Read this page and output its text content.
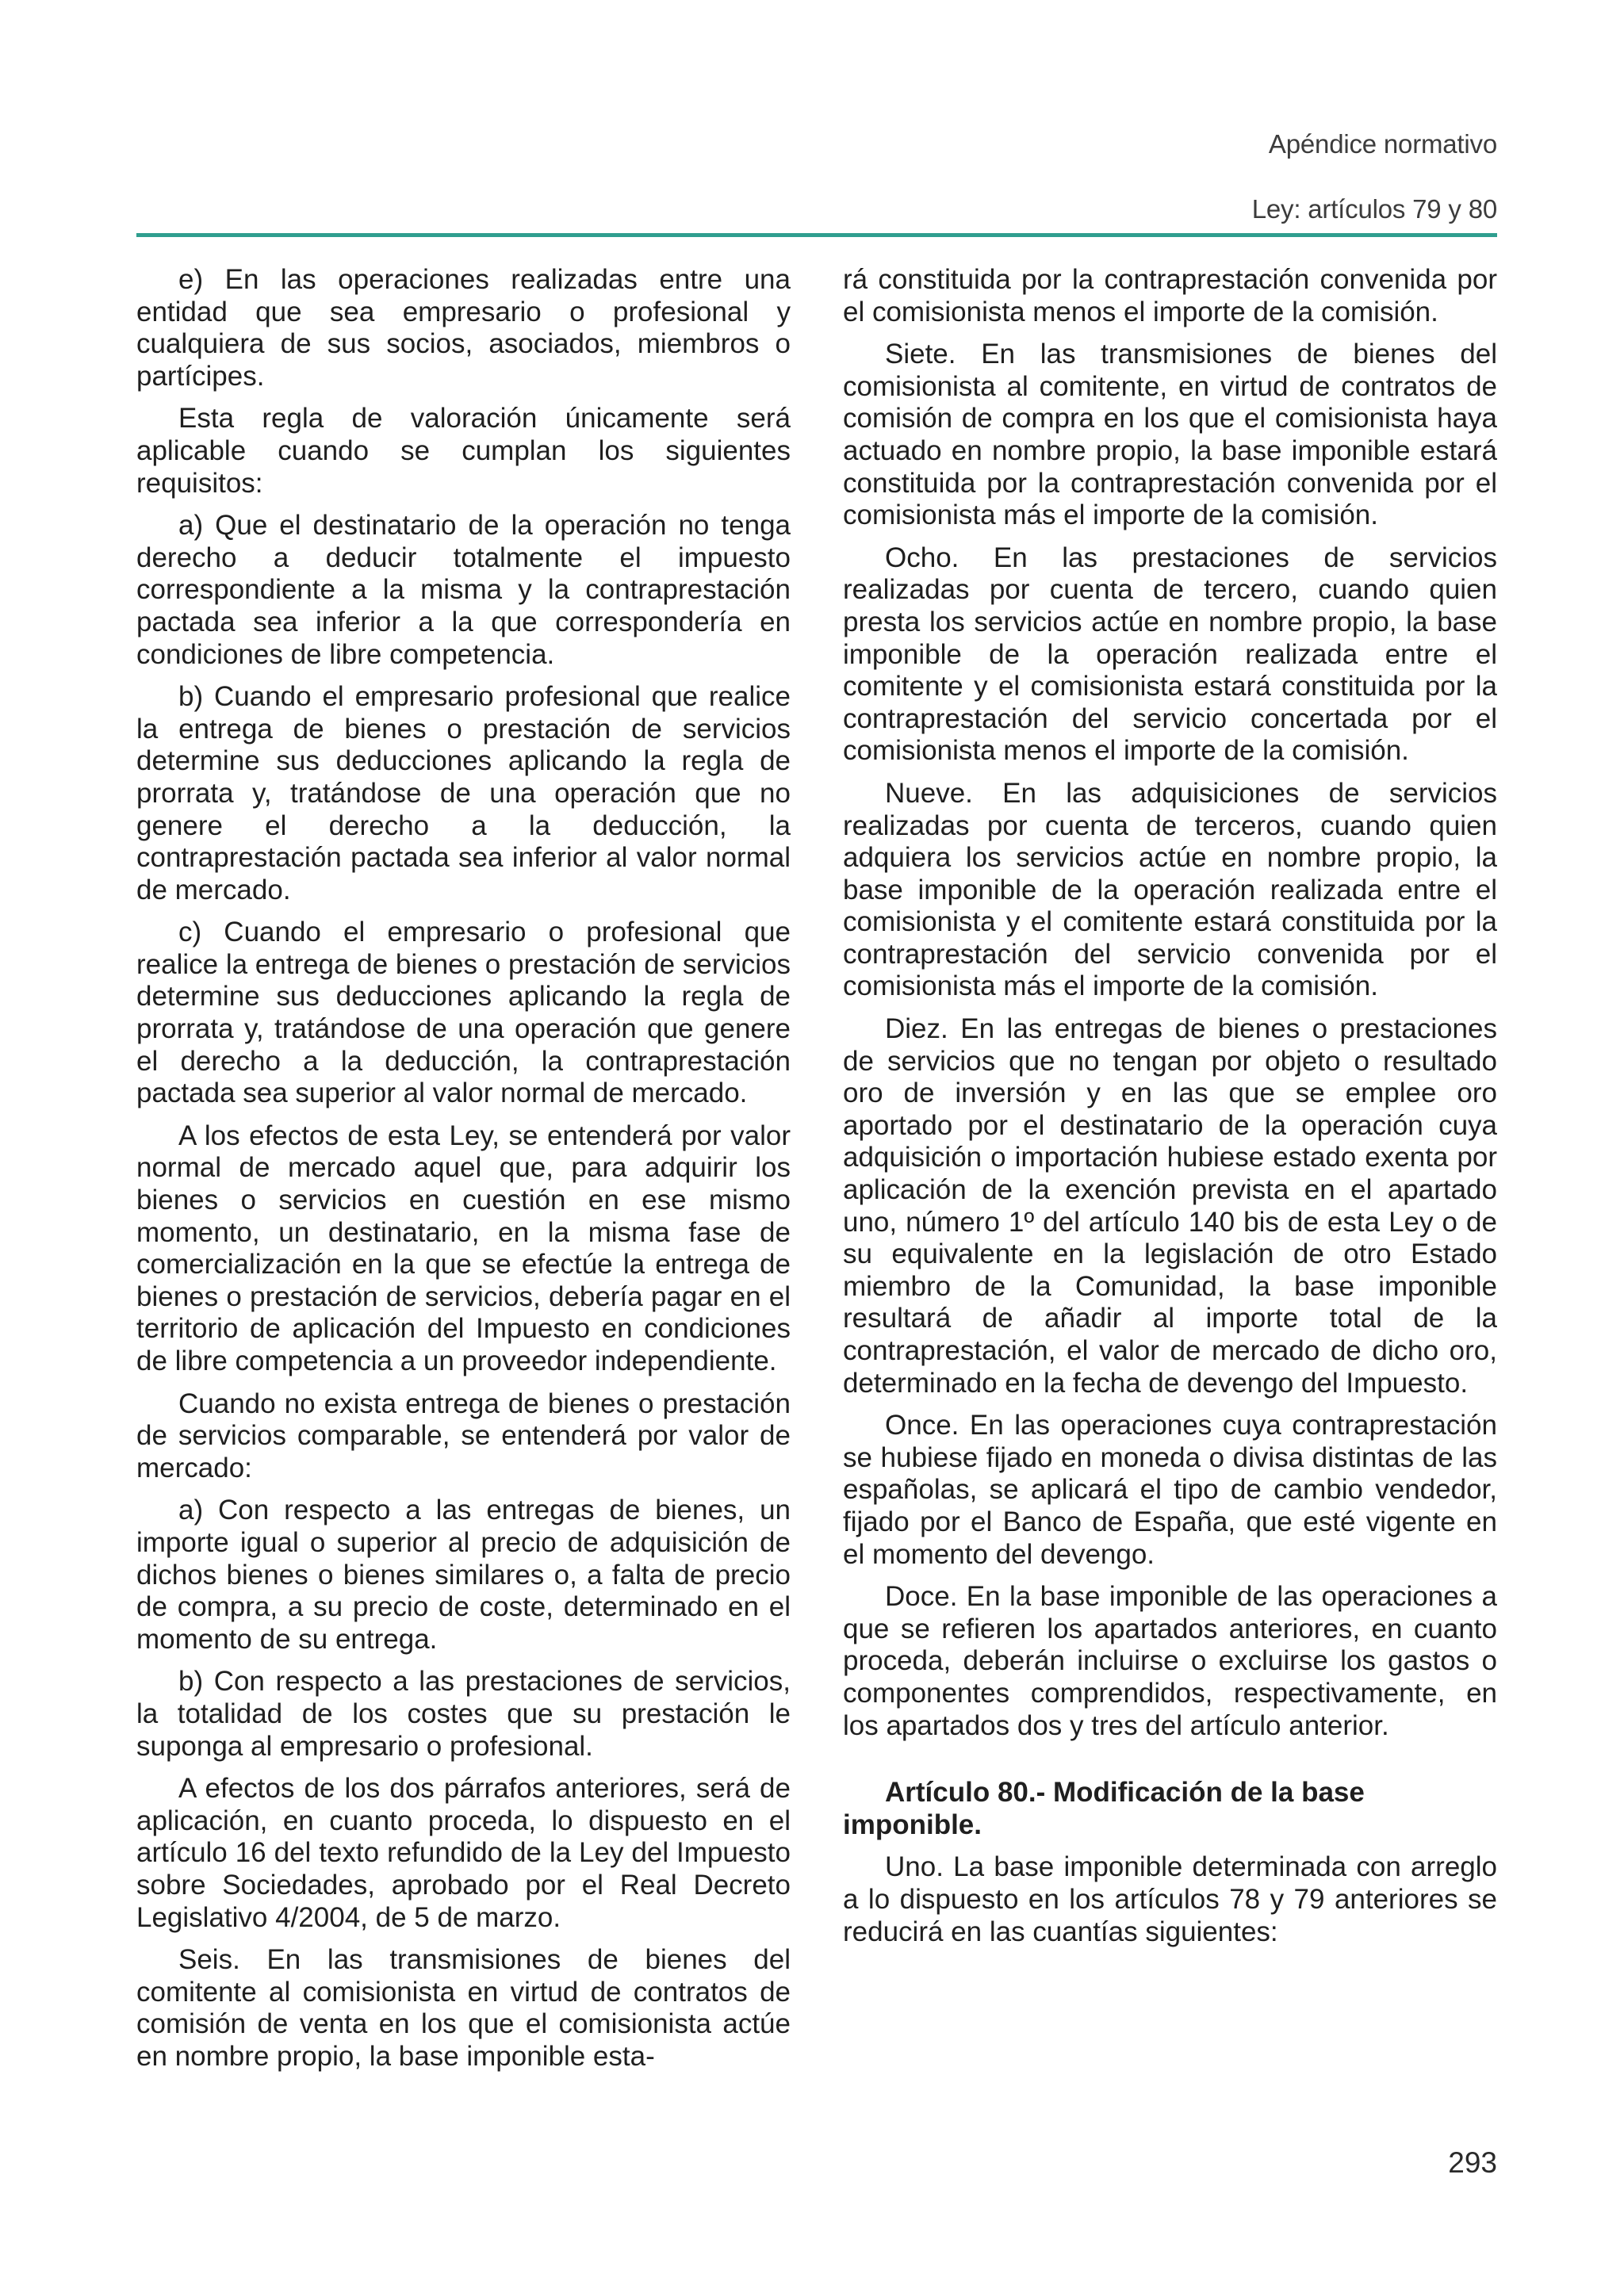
Apéndice normativo
Ley: artículos 79 y 80

e) En las operaciones realizadas entre una entidad que sea empresario o profesional y cualquiera de sus socios, asociados, miembros o partícipes.

Esta regla de valoración únicamente será aplicable cuando se cumplan los siguientes requisitos:

a) Que el destinatario de la operación no tenga derecho a deducir totalmente el impuesto correspondiente a la misma y la contraprestación pactada sea inferior a la que correspondería en condiciones de libre competencia.

b) Cuando el empresario profesional que realice la entrega de bienes o prestación de servicios determine sus deducciones aplicando la regla de prorrata y, tratándose de una operación que no genere el derecho a la deducción, la contraprestación pactada sea inferior al valor normal de mercado.

c) Cuando el empresario o profesional que realice la entrega de bienes o prestación de servicios determine sus deducciones aplicando la regla de prorrata y, tratándose de una operación que genere el derecho a la deducción, la contraprestación pactada sea superior al valor normal de mercado.

A los efectos de esta Ley, se entenderá por valor normal de mercado aquel que, para adquirir los bienes o servicios en cuestión en ese mismo momento, un destinatario, en la misma fase de comercialización en la que se efectúe la entrega de bienes o prestación de servicios, debería pagar en el territorio de aplicación del Impuesto en condiciones de libre competencia a un proveedor independiente.

Cuando no exista entrega de bienes o prestación de servicios comparable, se entenderá por valor de mercado:

a) Con respecto a las entregas de bienes, un importe igual o superior al precio de adquisición de dichos bienes o bienes similares o, a falta de precio de compra, a su precio de coste, determinado en el momento de su entrega.

b) Con respecto a las prestaciones de servicios, la totalidad de los costes que su prestación le suponga al empresario o profesional.

A efectos de los dos párrafos anteriores, será de aplicación, en cuanto proceda, lo dispuesto en el artículo 16 del texto refundido de la Ley del Impuesto sobre Sociedades, aprobado por el Real Decreto Legislativo 4/2004, de 5 de marzo.

Seis. En las transmisiones de bienes del comitente al comisionista en virtud de contratos de comisión de venta en los que el comisionista actúe en nombre propio, la base imponible esta-

rá constituida por la contraprestación convenida por el comisionista menos el importe de la comisión.

Siete. En las transmisiones de bienes del comisionista al comitente, en virtud de contratos de comisión de compra en los que el comisionista haya actuado en nombre propio, la base imponible estará constituida por la contraprestación convenida por el comisionista más el importe de la comisión.

Ocho. En las prestaciones de servicios realizadas por cuenta de tercero, cuando quien presta los servicios actúe en nombre propio, la base imponible de la operación realizada entre el comitente y el comisionista estará constituida por la contraprestación del servicio concertada por el comisionista menos el importe de la comisión.

Nueve. En las adquisiciones de servicios realizadas por cuenta de terceros, cuando quien adquiera los servicios actúe en nombre propio, la base imponible de la operación realizada entre el comisionista y el comitente estará constituida por la contraprestación del servicio convenida por el comisionista más el importe de la comisión.

Diez. En las entregas de bienes o prestaciones de servicios que no tengan por objeto o resultado oro de inversión y en las que se emplee oro aportado por el destinatario de la operación cuya adquisición o importación hubiese estado exenta por aplicación de la exención prevista en el apartado uno, número 1º del artículo 140 bis de esta Ley o de su equivalente en la legislación de otro Estado miembro de la Comunidad, la base imponible resultará de añadir al importe total de la contraprestación, el valor de mercado de dicho oro, determinado en la fecha de devengo del Impuesto.

Once. En las operaciones cuya contraprestación se hubiese fijado en moneda o divisa distintas de las españolas, se aplicará el tipo de cambio vendedor, fijado por el Banco de España, que esté vigente en el momento del devengo.

Doce. En la base imponible de las operaciones a que se refieren los apartados anteriores, en cuanto proceda, deberán incluirse o excluirse los gastos o componentes comprendidos, respectivamente, en los apartados dos y tres del artículo anterior.

Artículo 80.- Modificación de la base imponible.

Uno. La base imponible determinada con arreglo a lo dispuesto en los artículos 78 y 79 anteriores se reducirá en las cuantías siguientes:

293
